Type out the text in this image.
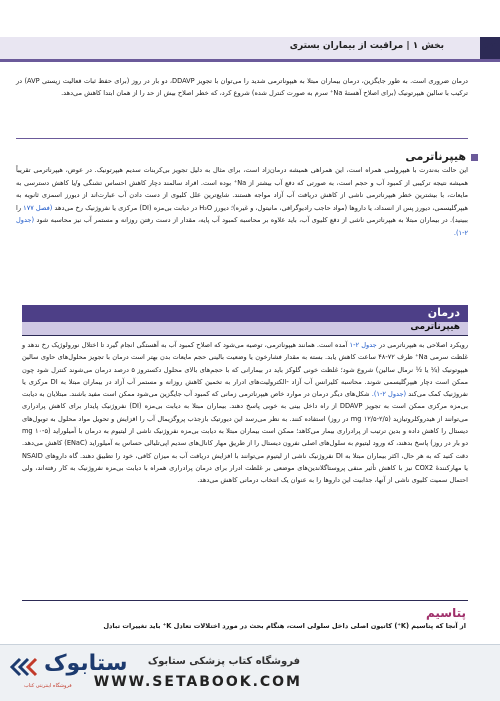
بخش ۱ | مراقبت از بیماران بستری	۲۲
درمان ضروری است. به طور جایگزین، درمان بیماران مبتلا به هیپوناترمی شدید را می‌توان با تجویز DDAVP، دو بار در روز (برای حفظ ثبات فعالیت زیستی AVP) در ترکیب با سالین هیپرتونیک (برای اصلاح آهستهٔ Na⁺ سرم به صورت کنترل شده) شروع کرد، که خطر اصلاح بیش از حد را از همان ابتدا کاهش می‌دهد.
هیپرناترمی
این حالت به‌ندرت با هیپرولمی همراه است، این همراهی همیشه درمان‌زاد است، برای مثال به دلیل تجویز بی‌کربنات سدیم هیپرتونیک. در عوض، هیپرناترمی تقریباً همیشه نتیجه ترکیبی از کمبود آب و حجم است، به صورتی که دفع آب بیشتر از Na⁺ بوده است. افراد سالمند دچار کاهش احساس تشنگی و/یا کاهش دسترسی به مایعات، با بیشترین خطر هیپرناترمی ناشی از کاهش دریافت آب آزاد مواجه هستند. شایع‌ترین علل کلیوی از دست دادن آب عبارت‌اند از دیورز اسمزی ثانویه به هیپرگلیسمی، دیورز پس از انسداد، یا داروها (مواد حاجب رادیوگرافی، مانیتول، و غیره)؛ دیورز H₂O در دیابت بی‌مزه (DI) مرکزی یا نفروژنیک رخ می‌دهد (فصل ۱۷۷ را ببینید). در بیماران مبتلا به هیپرناترمی ناشی از دفع کلیوی آب، باید علاوه بر محاسبه کمبود آب پایه، مقدار از دست رفتن روزانه و مستمر آب نیز محاسبه شود (جدول ۲-۱).
درمان
هیپرناترمی
رویکرد اصلاحی به هیپرناترمی در جدول ۲-۱ آمده است. همانند هیپوناترمی، توصیه می‌شود که اصلاح کمبود آب به آهستگی انجام گیرد تا اختلال نورولوژیک رخ ندهد و غلظت سرمی Na⁺ ظرف ۷۲-۴۸ ساعت کاهش یابد. بسته به مقدار فشارخون یا وضعیت بالینی حجم مایعات بدن بهتر است درمان با تجویز محلول‌های حاوی سالین هیپوتونیک (¼ یا ½ نرمال سالین) شروع شود؛ غلظت خونی گلوکز باید در بیمارانی که با حجم‌های بالای محلول دکستروز ۵ درصد درمان می‌شوند کنترل شود چون ممکن است دچار هیپرگلیسمی شوند. محاسبه کلیرانس آب آزاد -الکترولیت‌های ادرار به تخمین کاهش روزانه و مستمر آب آزاد در بیماران مبتلا به DI مرکزی یا نفروژنیک کمک می‌کند (جدول ۲-۱). شکل‌های دیگر درمان در موارد خاص هیپرناترمی زمانی که کمبود آب جایگزین می‌شود ممکن است مفید باشند. مبتلایان به دیابت بی‌مزه مرکزی ممکن است به تجویز DDAVP از راه داخل بینی به خوبی پاسخ دهند. بیماران مبتلا به دیابت بی‌مزه (DI) نفروژنیک پایدار برای کاهش پرادراری می‌توانند از هیدروکلروتیازید (۲/۵-۱۲/۵ mg در روز) استفاده کنند. به نظر می‌رسد این دیورتیک بازجذب پروگزیمال آب را افزایش و تحویل مواد محلول به توبول‌های دیستال را کاهش داده و بدین ترتیب از پرادراری بیمار می‌کاهد؛ ممکن است بیماران مبتلا به دیابت بی‌مزه نفروژنیک ناشی از لیتیوم به درمان با آمیلوراید (۵-۱۰ mg دو بار در روز) پاسخ بدهند، که ورود لیتیوم به سلول‌های اصلی نفرون دیستال را از طریق مهار کانال‌های سدیم اپی‌تلیالی حساس به آمیلوراید (ENaC) کاهش می‌دهد. دقت کنید که به هر حال، اکثر بیماران مبتلا به DI نفروژنیک ناشی از لیتیوم می‌توانند با افزایش دریافت آب به میزان کافی، خود را تطبیق دهند. گاه داروهای NSAID یا مهارکنندهٔ COX2 نیز با کاهش تأثیر منفی پروستاگلاندین‌های موضعی بر غلظت ادرار برای درمان پرادراری همراه با دیابت بی‌مزه نفروژنیک به کار رفته‌اند، ولی احتمال سمیت کلیوی ناشی از آنها، جذابیت این داروها را به عنوان یک انتخاب درمانی کاهش می‌دهد.
پتاسیم
از آنجا که پتاسیم (K⁺) کاتیون اصلی داخل سلولی است، هنگام بحث در مورد اختلالات تعادل K⁺ باید تغییرات تبادل
ستابوک
فروشگاه اینترنتی کتاب
فروشگاه کتاب پزشکی ستابوک
WWW.SETABOOK.COM
